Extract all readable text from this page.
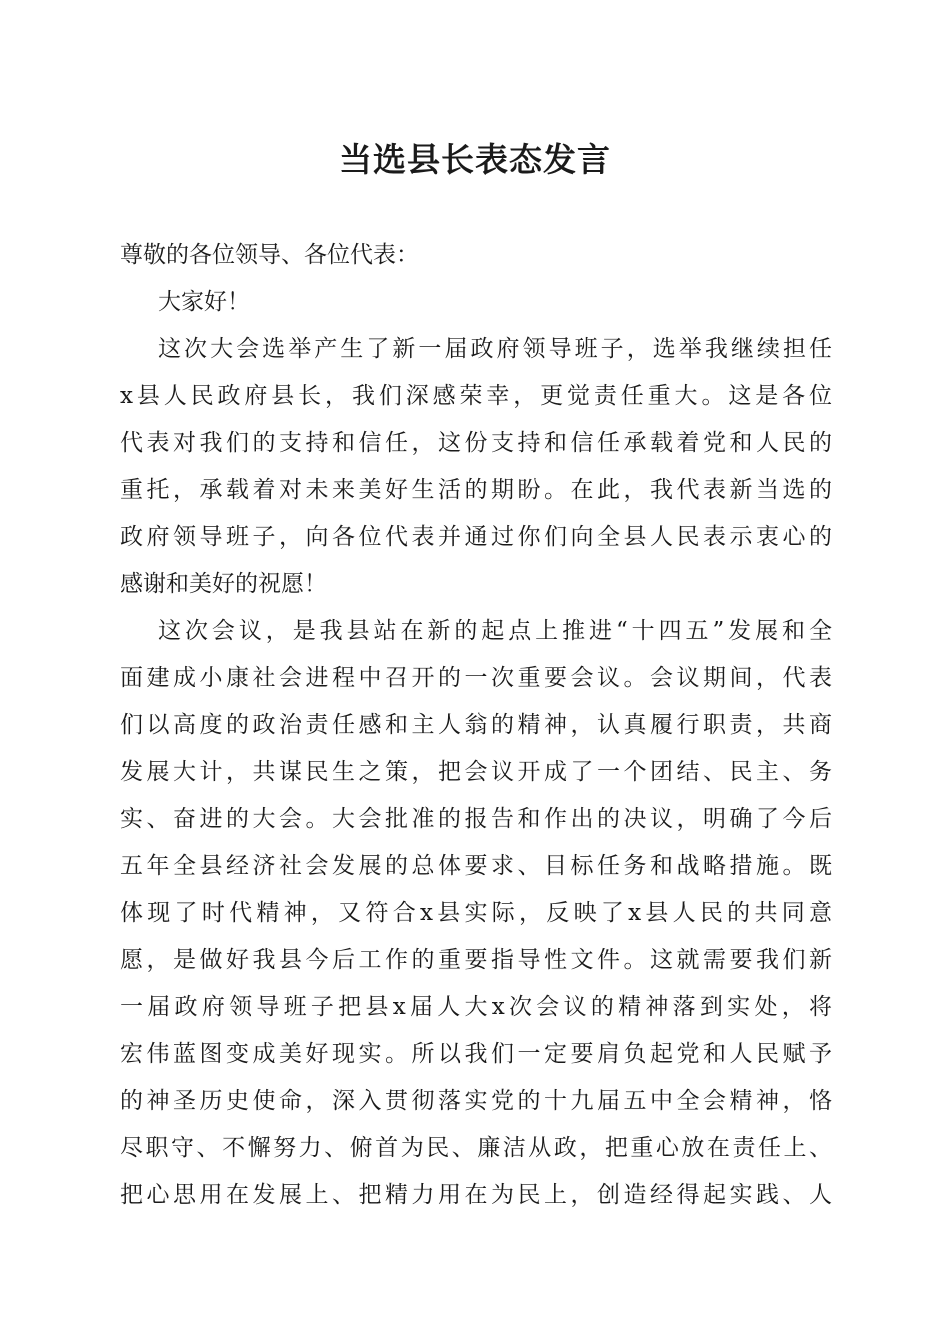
当选县长表态发言
尊敬的各位领导、各位代表：
大家好！
这次大会选举产生了新一届政府领导班子，选举我继续担任
x县人民政府县长，我们深感荣幸，更觉责任重大。这是各位
代表对我们的支持和信任，这份支持和信任承载着党和人民的
重托，承载着对未来美好生活的期盼。在此，我代表新当选的
政府领导班子，向各位代表并通过你们向全县人民表示衷心的
感谢和美好的祝愿！
这次会议，是我县站在新的起点上推进“十四五”发展和全
面建成小康社会进程中召开的一次重要会议。会议期间，代表
们以高度的政治责任感和主人翁的精神，认真履行职责，共商
发展大计，共谋民生之策，把会议开成了一个团结、民主、务
实、奋进的大会。大会批准的报告和作出的决议，明确了今后
五年全县经济社会发展的总体要求、目标任务和战略措施。既
体现了时代精神，又符合x县实际，反映了x县人民的共同意
愿，是做好我县今后工作的重要指导性文件。这就需要我们新
一届政府领导班子把县x届人大x次会议的精神落到实处，将
宏伟蓝图变成美好现实。所以我们一定要肩负起党和人民赋予
的神圣历史使命，深入贯彻落实党的十九届五中全会精神，恪
尽职守、不懈努力、俯首为民、廉洁从政，把重心放在责任上、
把心思用在发展上、把精力用在为民上，创造经得起实践、人
